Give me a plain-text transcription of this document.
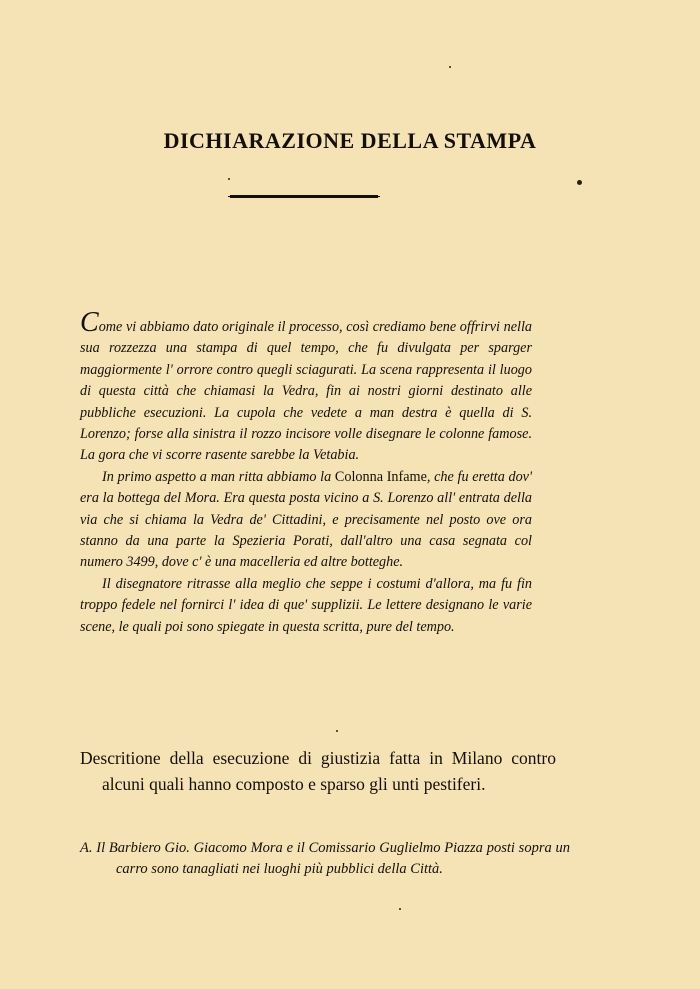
DICHIARAZIONE DELLA STAMPA

Come vi abbiamo dato originale il processo, così crediamo bene offrirvi nella sua rozzezza una stampa di quel tempo, che fu divulgata per sparger maggiormente l' orrore contro quegli sciagurati. La scena rappresenta il luogo di questa città che chiamasi la Vedra, fin ai nostri giorni destinato alle pubbliche esecuzioni. La cupola che vedete a man destra è quella di S. Lorenzo; forse alla sinistra il rozzo incisore volle disegnare le colonne famose. La gora che vi scorre rasente sarebbe la Vetabia.

In primo aspetto a man ritta abbiamo la Colonna Infame, che fu eretta dov' era la bottega del Mora. Era questa posta vicino a S. Lorenzo all' entrata della via che si chiama la Vedra de' Cittadini, e precisamente nel posto ove ora stanno da una parte la Spezieria Porati, dall'altro una casa segnata col numero 3499, dove c' è una macelleria ed altre botteghe.

Il disegnatore ritrasse alla meglio che seppe i costumi d'allora, ma fu fin troppo fedele nel fornirci l' idea di que' supplizii. Le lettere designano le varie scene, le quali poi sono spiegate in questa scritta, pure del tempo.

Descritione della esecuzione di giustizia fatta in Milano contro alcuni quali hanno composto e sparso gli unti pestiferi.
A. Il Barbiero Gio. Giacomo Mora e il Comissario Guglielmo Piazza posti sopra un carro sono tanagliati nei luoghi più pubblici della Città.
